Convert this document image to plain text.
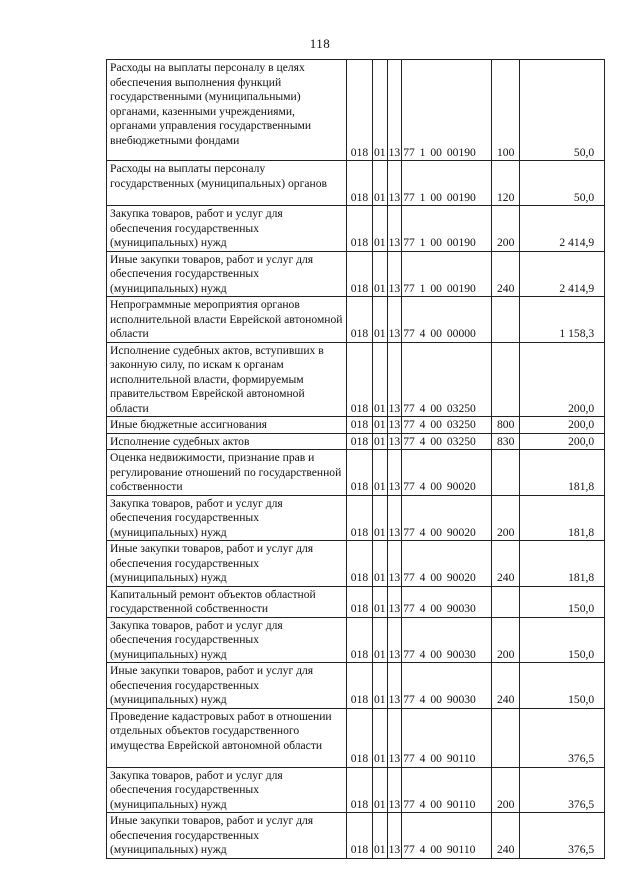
118
Расходы на выплаты персоналу в целях обеспечения выполнения функций государственными (муниципальными) органами, казенными учреждениями, органами управления государственными внебюджетными фондами	018	01	13	77 1 00 00190	100	50,0
Расходы на выплаты персоналу государственных (муниципальных) органов	018	01	13	77 1 00 00190	120	50,0
Закупка товаров, работ и услуг для обеспечения государственных (муниципальных) нужд	018	01	13	77 1 00 00190	200	2 414,9
Иные закупки товаров, работ и услуг для обеспечения государственных (муниципальных) нужд	018	01	13	77 1 00 00190	240	2 414,9
Непрограммные мероприятия органов исполнительной власти Еврейской автономной области	018	01	13	77 4 00 00000		1 158,3
Исполнение судебных актов, вступивших в законную силу, по искам к органам исполнительной власти, формируемым правительством Еврейской автономной области	018	01	13	77 4 00 03250		200,0
Иные бюджетные ассигнования	018	01	13	77 4 00 03250	800	200,0
Исполнение судебных актов	018	01	13	77 4 00 03250	830	200,0
Оценка недвижимости, признание прав и регулирование отношений по государственной собственности	018	01	13	77 4 00 90020		181,8
Закупка товаров, работ и услуг для обеспечения государственных (муниципальных) нужд	018	01	13	77 4 00 90020	200	181,8
Иные закупки товаров, работ и услуг для обеспечения государственных (муниципальных) нужд	018	01	13	77 4 00 90020	240	181,8
Капитальный ремонт объектов областной государственной собственности	018	01	13	77 4 00 90030		150,0
Закупка товаров, работ и услуг для обеспечения государственных (муниципальных) нужд	018	01	13	77 4 00 90030	200	150,0
Иные закупки товаров, работ и услуг для обеспечения государственных (муниципальных) нужд	018	01	13	77 4 00 90030	240	150,0
Проведение кадастровых работ в отношении отдельных объектов государственного имущества Еврейской автономной области	018	01	13	77 4 00 90110		376,5
Закупка товаров, работ и услуг для обеспечения государственных (муниципальных) нужд	018	01	13	77 4 00 90110	200	376,5
Иные закупки товаров, работ и услуг для обеспечения государственных (муниципальных) нужд	018	01	13	77 4 00 90110	240	376,5
